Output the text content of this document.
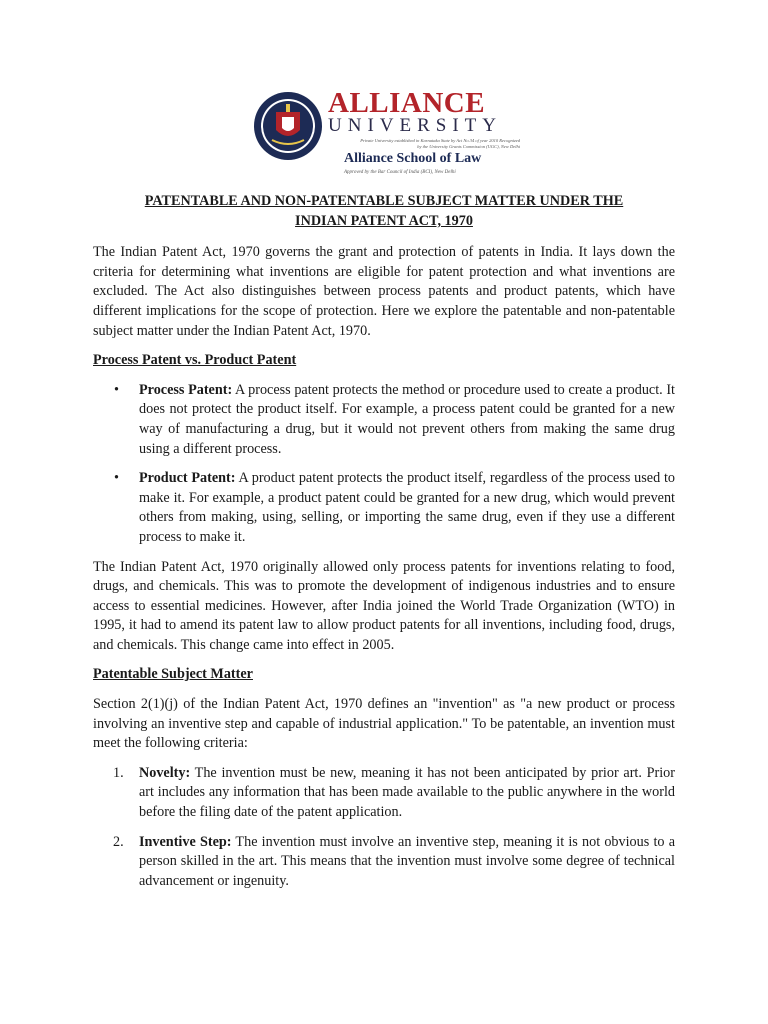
ALLIANCE
UNIVERSITY
Private University established in Karnataka State by Act No.34 of year 2010 Recognized by the University Grants Commission (UGC), New Delhi
Alliance School of Law
Approved by the Bar Council of India (BCI), New Delhi
PATENTABLE AND NON-PATENTABLE SUBJECT MATTER UNDER THE
INDIAN PATENT ACT, 1970

The Indian Patent Act, 1970 governs the grant and protection of patents in India. It lays down the criteria for determining what inventions are eligible for patent protection and what inventions are excluded. The Act also distinguishes between process patents and product patents, which have different implications for the scope of protection. Here we explore the patentable and non-patentable subject matter under the Indian Patent Act, 1970.

Process Patent vs. Product Patent
• Process Patent: A process patent protects the method or procedure used to create a product. It does not protect the product itself. For example, a process patent could be granted for a new way of manufacturing a drug, but it would not prevent others from making the same drug using a different process.
• Product Patent: A product patent protects the product itself, regardless of the process used to make it. For example, a product patent could be granted for a new drug, which would prevent others from making, using, selling, or importing the same drug, even if they use a different process to make it.

The Indian Patent Act, 1970 originally allowed only process patents for inventions relating to food, drugs, and chemicals. This was to promote the development of indigenous industries and to ensure access to essential medicines. However, after India joined the World Trade Organization (WTO) in 1995, it had to amend its patent law to allow product patents for all inventions, including food, drugs, and chemicals. This change came into effect in 2005.

Patentable Subject Matter

Section 2(1)(j) of the Indian Patent Act, 1970 defines an "invention" as "a new product or process involving an inventive step and capable of industrial application." To be patentable, an invention must meet the following criteria:

1. Novelty: The invention must be new, meaning it has not been anticipated by prior art. Prior art includes any information that has been made available to the public anywhere in the world before the filing date of the patent application.
2. Inventive Step: The invention must involve an inventive step, meaning it is not obvious to a person skilled in the art. This means that the invention must involve some degree of technical advancement or ingenuity.
